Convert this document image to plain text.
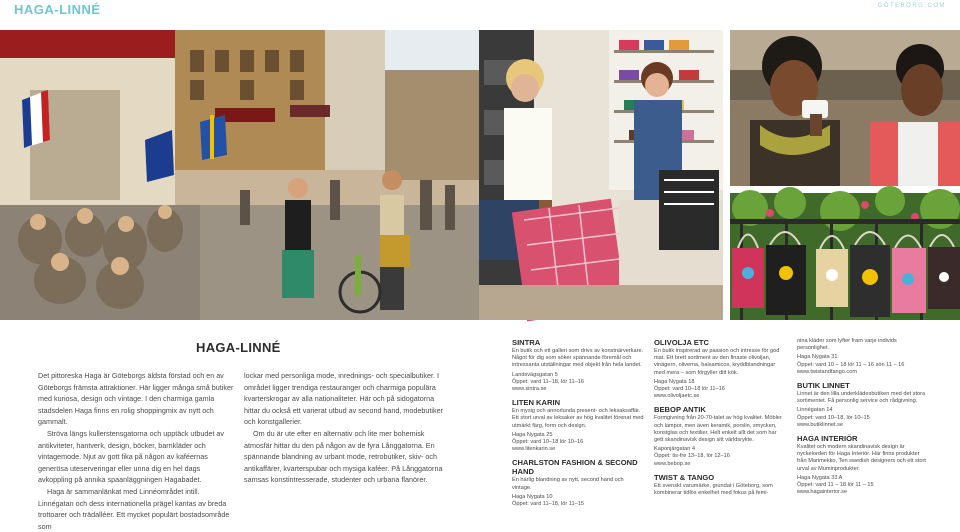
HAGA-LINNÉ	GÖTEBORG.COM
HAGA-LINNÉ

Det pittoreska Haga är Göteborgs äldsta förstad och en av Göteborgs främsta attraktioner. Här ligger många små butiker med kuriosa, design och vintage. I den charmiga gamla stadsdelen Haga finns en rolig shoppingmix av nytt och gammalt.

Ströva längs kullerstensgatorna och upptäck utbudet av antikviteter, hantverk, design, böcker, barnkläder och vintagemode. Njut av gott fika på någon av kaféernas generösa uteserveringar eller unna dig en hel dags avkoppling på annika spaanläggningen Hagabadet.

Haga är sammanlänkat med Linnéområdet intill. Linnégatan och dess internationella prägel kantas av breda trottoarer och trädalléer. Ett mycket populärt bostadsområde som

lockar med personliga mode, inrednings- och specialbutiker. I området ligger trendiga restauranger och charmiga populära kvarterskrogar av alla nationaliteter. Här och på sidogatorna hittar du också ett varierat utbud av second hand, modebutiker och konstgallerier.

Om du är ute efter en alternativ och lite mer bohemisk atmosfär hittar du den på någon av de fyra Långgatorna. En spännande blandning av urbant mode, retrobutiker, skiv- och antikaffärer, kvarterspubar och mysiga kaféer. På Långgatorna samsas konstintresserade, studenter och urbana flanörer.

SINTRA
En butik och ett galleri som drivs av konstnärverkare. Något för dig som söker spännande föremål och intressanta utställningar med objekt från hela landet.
Landsvägsgatan 5
Öppet: vard 11–18, lör 11–16
www.sintra.se
LITEN KARIN
En mysig och annorlunda present- och leksaksaffär. Ett stort urval av leksaker av hög kvalitet förenat med utmärkt färg, form och design.
Haga Nygata 25
Öppet: vard 10–18 lör 10–16
www.litenkarin.se
CHARLSTON FASHION & SECOND HAND
En härlig blandning av nytt, second hand och vintage.
Haga Nygata 10
Öppet: vard 11–18, lör 11–15
OLIVOLJA ETC
En butik inspirerad av passion och intresse för god mat. Ett brett sortiment av den finaste olivoljan, vinägern, oliverna, balsamicos, kryddblandningar med mera – som förgyller ditt kök.
Haga Nygata 18
Öppet: vard 10–18 lör 11–16
www.olivoljaetc.se
BEBOP ANTIK
Formgivning från 20-70-talet av hög kvalitet. Möbler och lampor, men även keramik, porslin, smycken, konstglas och textilier. Helt enkelt allt det som har gett skandinavisk design sitt världsrykte.
Kaponjärgatan 4
Öppet: tis-fre 13–18, lör 12–16
www.bebop.se
TWIST & TANGO
Ett svenskt varumärke, grundat i Göteborg, som kombinerar tidlös enkelhet med fokus på femi-
nina kläder som lyfter fram varje individs personlighet.
Haga Nygata 31
Öppet: vard 10 – 18 lör 11 – 16 sön 11 – 16
www.twistandtango.com
BUTIK LINNET
Linnet är den lilla underklädesbutiken med det stora sortimentet. Få personlig service och rådgivning.
Linnégatan 14
Öppet: vard 10–18, lör 10–15
www.butiklinnet.se
HAGA INTERIÖR
Kvalitet och modern skandinavisk design är nyckelorden för Haga Interiör. Här finns produkter från Marimekko, Ten swedish designers och ett stort urval av Muminprodukter.
Haga Nygata 33 A
Öppet: vard 11 – 18 lör 11 – 15
www.hagainterior.se
